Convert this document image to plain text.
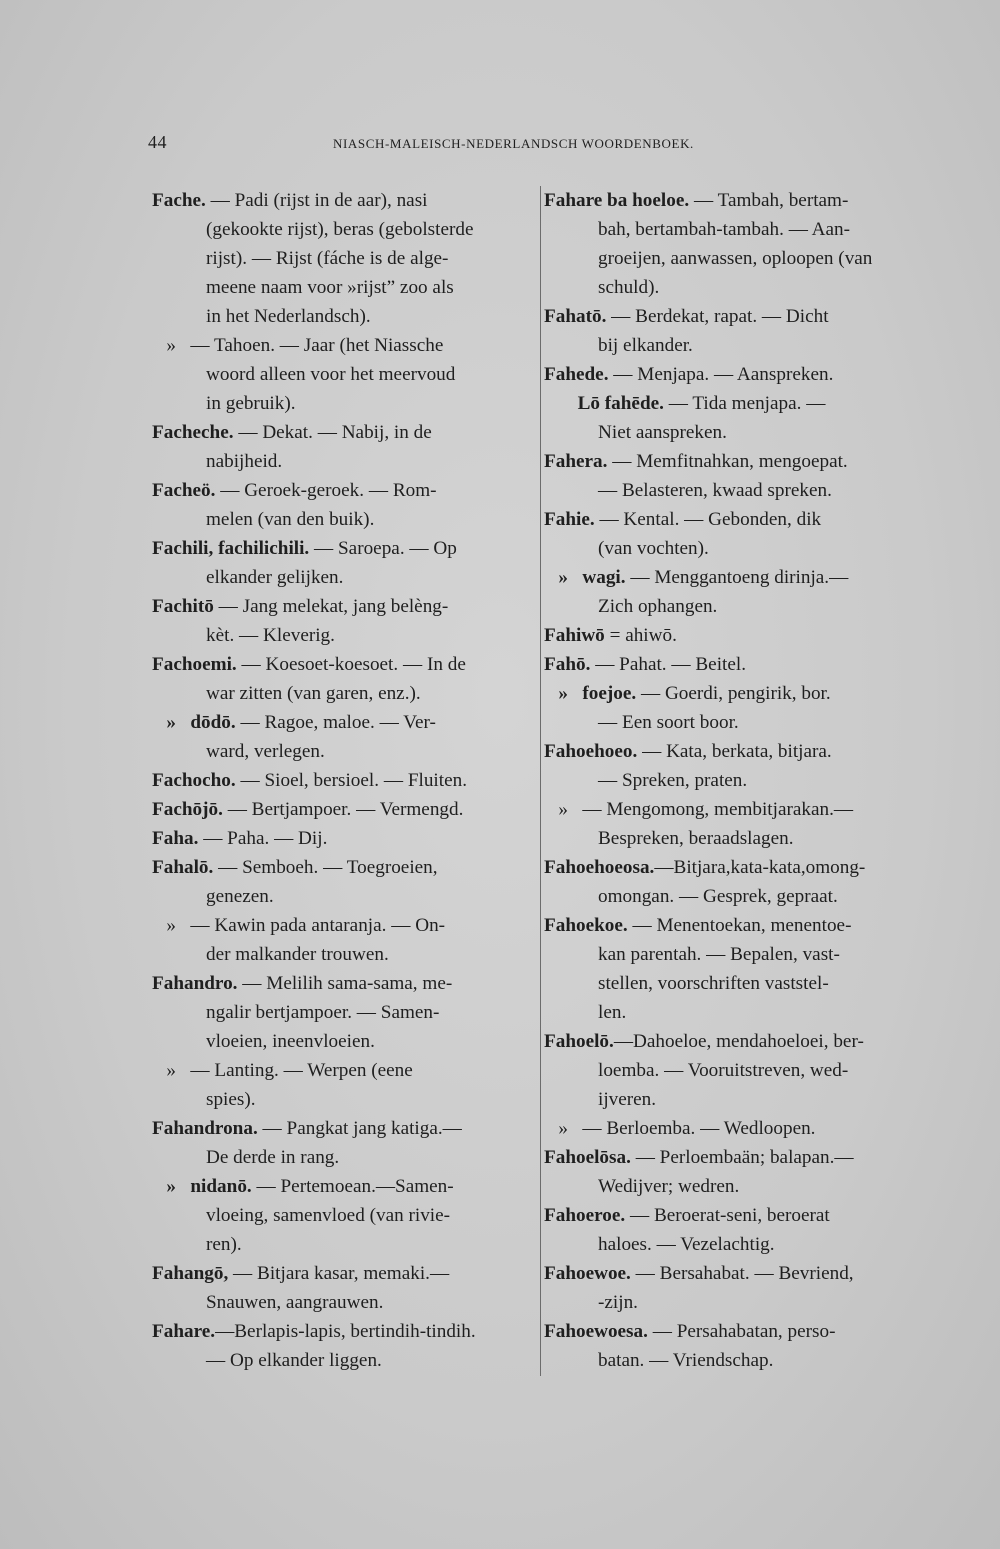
44	NIASCH-MALEISCH-NEDERLANDSCH WOORDENBOEK.
Fache. — Padi (rijst in de aar), nasi
(gekookte rijst), beras (gebolsterde
rijst). — Rijst (fáche is de alge-
meene naam voor »rijst” zoo als
in het Nederlandsch).
»   — Tahoen. — Jaar (het Niassche
woord alleen voor het meervoud
in gebruik).
Facheche. — Dekat. — Nabij, in de
nabijheid.
Facheö. — Geroek-geroek. — Rom-
melen (van den buik).
Fachili, fachilichili. — Saroepa. — Op
elkander gelijken.
Fachitō — Jang melekat, jang belèng-
kèt. — Kleverig.
Fachoemi. — Koesoet-koesoet. — In de
war zitten (van garen, enz.).
»   dōdō. — Ragoe, maloe. — Ver-
ward, verlegen.
Fachocho. — Sioel, bersioel. — Fluiten.
Fachōjō. — Bertjampoer. — Vermengd.
Faha. — Paha. — Dij.
Fahalō. — Semboeh. — Toegroeien,
genezen.
»   — Kawin pada antaranja. — On-
der malkander trouwen.
Fahandro. — Melilih sama-sama, me-
ngalir bertjampoer. — Samen-
vloeien, ineenvloeien.
»   — Lanting. — Werpen (eene
spies).
Fahandrona. — Pangkat jang katiga.—
De derde in rang.
»   nidanō. — Pertemoean.—Samen-
vloeing, samenvloed (van rivie-
ren).
Fahangō, — Bitjara kasar, memaki.—
Snauwen, aangrauwen.
Fahare.—Berlapis-lapis, bertindih-tindih.
— Op elkander liggen.
Fahare ba hoeloe. — Tambah, bertam-
bah, bertambah-tambah. — Aan-
groeijen, aanwassen, oploopen (van
schuld).
Fahatō. — Berdekat, rapat. — Dicht
bij elkander.
Fahede. — Menjapa. — Aanspreken.
Lō fahēde. — Tida menjapa. —
Niet aanspreken.
Fahera. — Memfitnahkan, mengoepat.
— Belasteren, kwaad spreken.
Fahie. — Kental. — Gebonden, dik
(van vochten).
»   wagi. — Menggantoeng dirinja.—
Zich ophangen.
Fahiwō = ahiwō.
Fahō. — Pahat. — Beitel.
»   foejoe. — Goerdi, pengirik, bor.
— Een soort boor.
Fahoehoeo. — Kata, berkata, bitjara.
— Spreken, praten.
»   — Mengomong, membitjarakan.—
Bespreken, beraadslagen.
Fahoehoeosa.—Bitjara,kata-kata,omong-
omongan. — Gesprek, gepraat.
Fahoekoe. — Menentoekan, menentoe-
kan parentah. — Bepalen, vast-
stellen, voorschriften vaststel-
len.
Fahoelō.—Dahoeloe, mendahoeloei, ber-
loemba. — Vooruitstreven, wed-
ijveren.
»   — Berloemba. — Wedloopen.
Fahoelōsa. — Perloembaän; balapan.—
Wedijver; wedren.
Fahoeroe. — Beroerat-seni, beroerat
haloes. — Vezelachtig.
Fahoewoe. — Bersahabat. — Bevriend,
-zijn.
Fahoewoesa. — Persahabatan, perso-
batan. — Vriendschap.
